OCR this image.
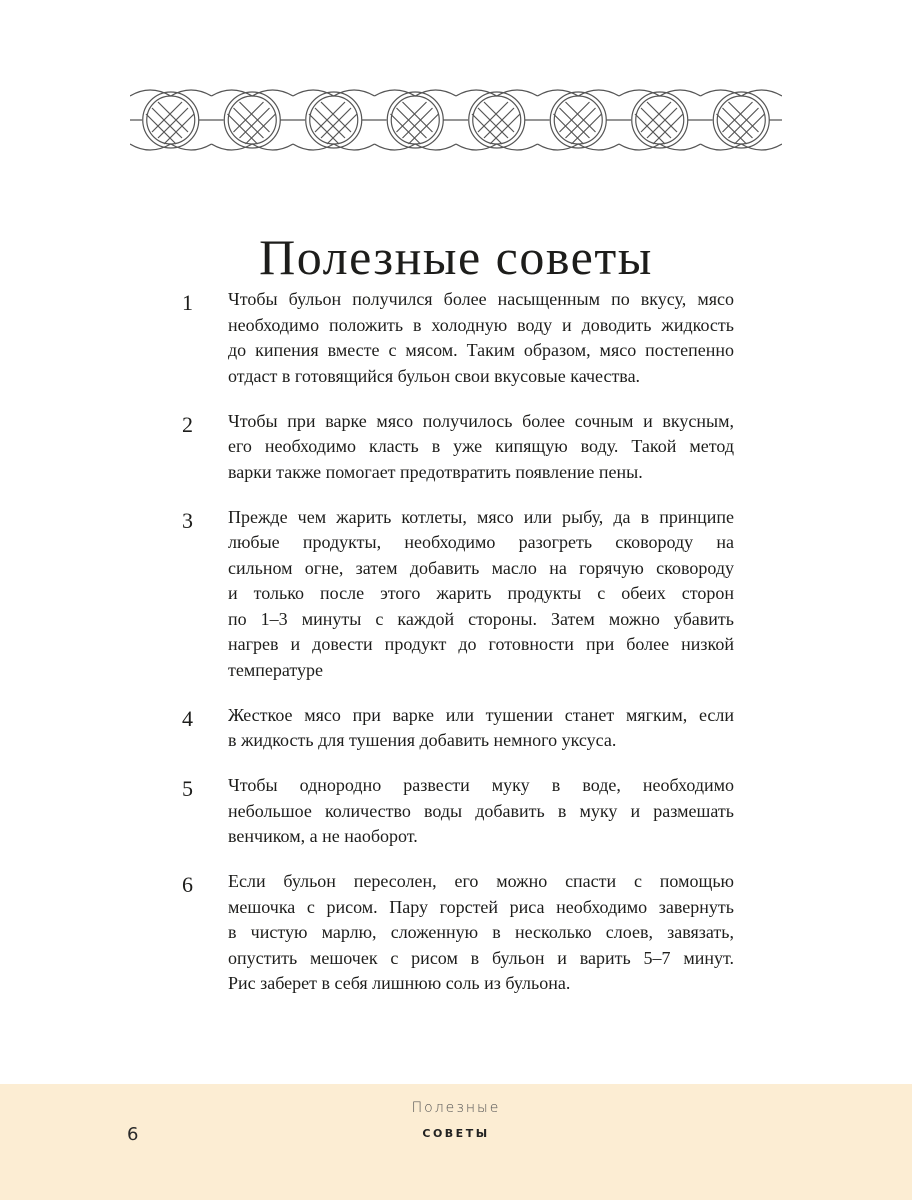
Полезные советы
1 Чтобы бульон получился более насыщенным по вкусу, мясо
необходимо положить в холодную воду и доводить жидкость
до кипения вместе с мясом. Таким образом, мясо постепенно
отдаст в готовящийся бульон свои вкусовые качества.
2 Чтобы при варке мясо получилось более сочным и вкусным,
его необходимо класть в уже кипящую воду. Такой метод
варки также помогает предотвратить появление пены.
3 Прежде чем жарить котлеты, мясо или рыбу, да в принципе
любые продукты, необходимо разогреть сковороду на
сильном огне, затем добавить масло на горячую сковороду
и только после этого жарить продукты с обеих сторон
по 1–3 минуты с каждой стороны. Затем можно убавить
нагрев и довести продукт до готовности при более низкой
температуре
4 Жесткое мясо при варке или тушении станет мягким, если
в жидкость для тушения добавить немного уксуса.
5 Чтобы однородно развести муку в воде, необходимо
небольшое количество воды добавить в муку и размешать
венчиком, а не наоборот.
6 Если бульон пересолен, его можно спасти с помощью
мешочка с рисом. Пару горстей риса необходимо завернуть
в чистую марлю, сложенную в несколько слоев, завязать,
опустить мешочек с рисом в бульон и варить 5–7 минут.
Рис заберет в себя лишнюю соль из бульона.
6
Полезные
СОВЕТЫ
